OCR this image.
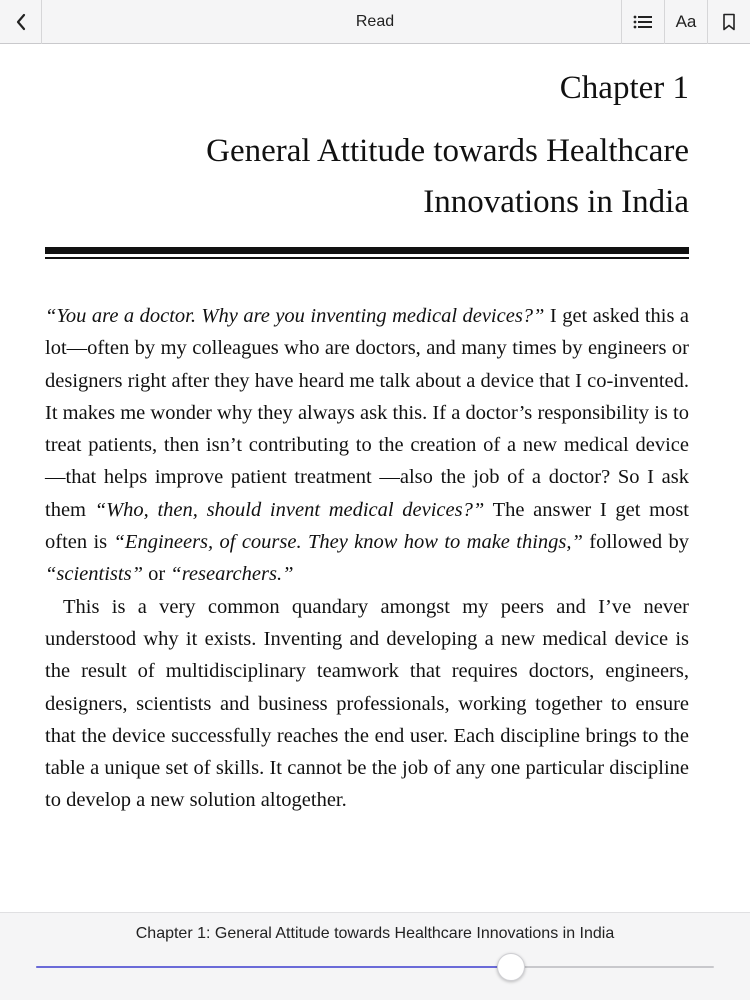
Read	Aa
Chapter 1
General Attitude towards Healthcare
Innovations in India

“You are a doctor. Why are you inventing medical devices?” I get asked this a lot—often by my colleagues who are doctors, and many times by engineers or designers right after they have heard me talk about a device that I co-invented. It makes me wonder why they always ask this. If a doctor’s responsibility is to treat patients, then isn’t contributing to the creation of a new medical device—that helps improve patient treatment —also the job of a doctor? So I ask them “Who, then, should invent medical devices?” The answer I get most often is “Engineers, of course. They know how to make things,” followed by “scientists” or “researchers.”

This is a very common quandary amongst my peers and I’ve never understood why it exists. Inventing and developing a new medical device is the result of multidisciplinary teamwork that requires doctors, engineers, designers, scientists and business professionals, working together to ensure that the device successfully reaches the end user. Each discipline brings to the table a unique set of skills. It cannot be the job of any one particular discipline to develop a new solution altogether.

Chapter 1: General Attitude towards Healthcare Innovations in India
